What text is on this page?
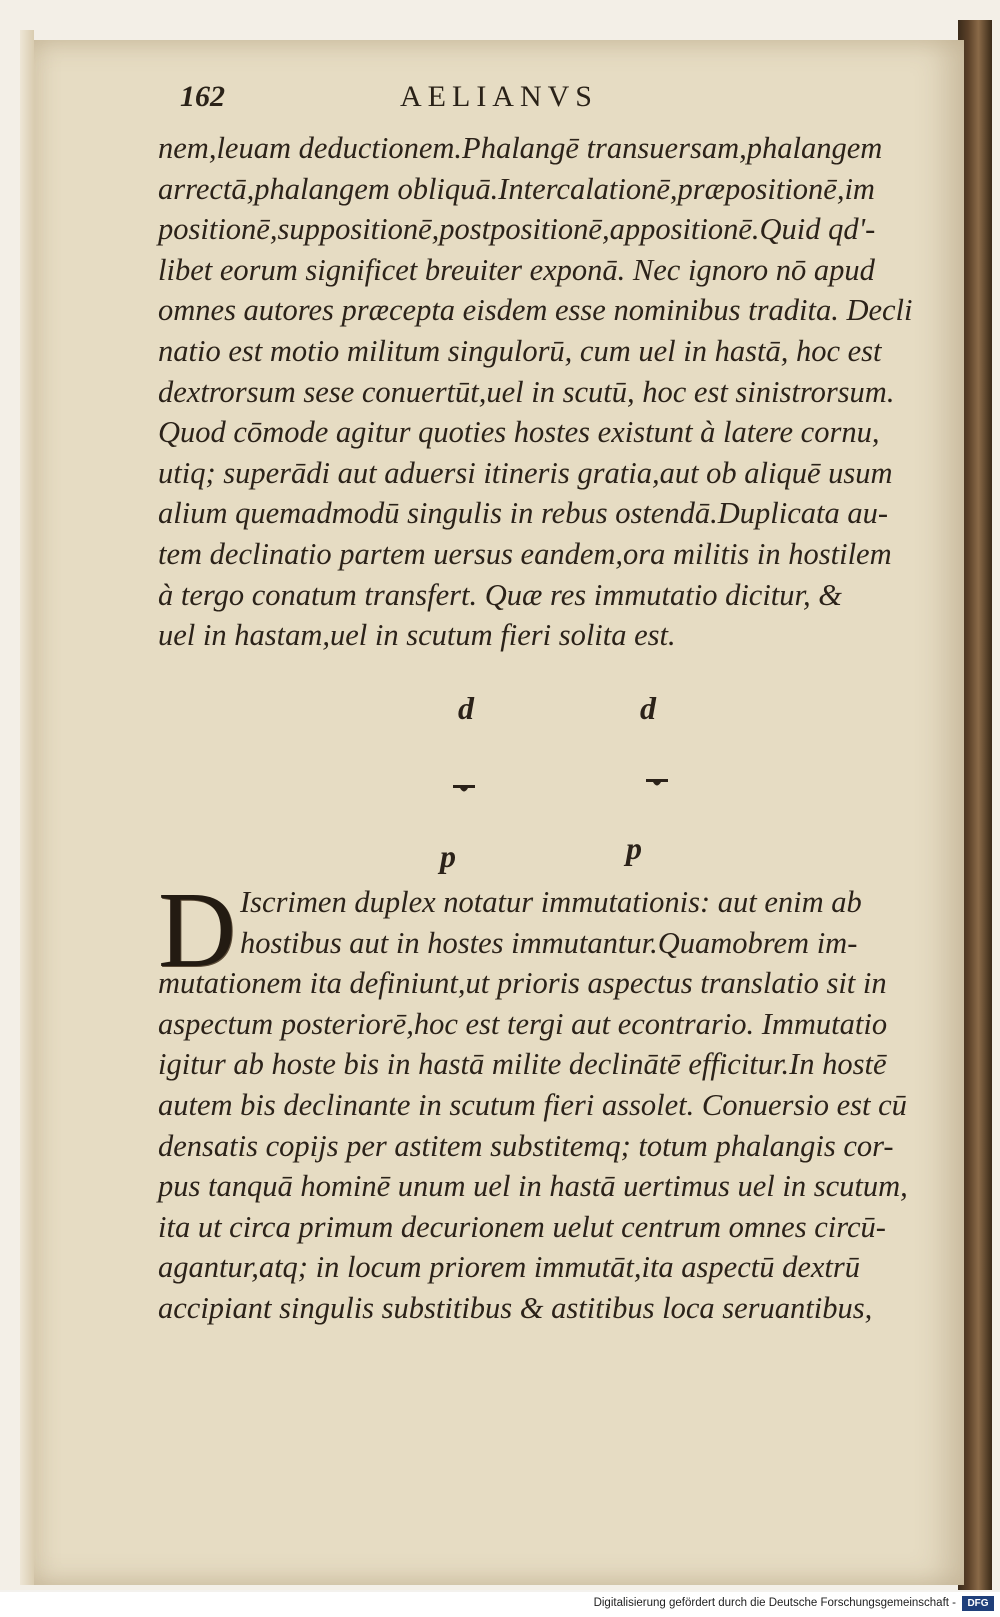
162	AELIANVS
nem,leuam deductionem.Phalangē transuersam,phalangem
arrectā,phalangem obliquā.Intercalationē,præpositionē,im
positionē,suppositionē,postpositionē,appositionē.Quid qd'-
libet eorum significet breuiter exponā. Nec ignoro nō apud
omnes autores præcepta eisdem esse nominibus tradita. Decli
natio est motio militum singulorū, cum uel in hastā, hoc est
dextrorsum sese conuertūt,uel in scutū, hoc est sinistrorsum.
Quod cōmode agitur quoties hostes existunt à latere cornu,
utiq; superādi aut aduersi itineris gratia,aut ob aliquē usum
alium quemadmodū singulis in rebus ostendā.Duplicata au-
tem declinatio partem uersus eandem,ora militis in hostilem
à tergo conatum transfert. Quæ res immutatio dicitur, &
uel in hastam,uel in scutum fieri solita est.
d	d
p	p
D Iscrimen duplex notatur immutationis: aut enim ab
hostibus aut in hostes immutantur.Quamobrem im-
mutationem ita definiunt,ut prioris aspectus translatio sit in
aspectum posteriorē,hoc est tergi aut econtrario. Immutatio
igitur ab hoste bis in hastā milite declinātē efficitur.In hostē
autem bis declinante in scutum fieri assolet. Conuersio est cū
densatis copijs per astitem substitemq; totum phalangis cor-
pus tanquā hominē unum uel in hastā uertimus uel in scutum,
ita ut circa primum decurionem uelut centrum omnes circū-
agantur,atq; in locum priorem immutāt,ita aspectū dextrū
accipiant singulis substitibus & astitibus loca seruantibus,
Digitalisierung gefördert durch die Deutsche Forschungsgemeinschaft -	DFG
